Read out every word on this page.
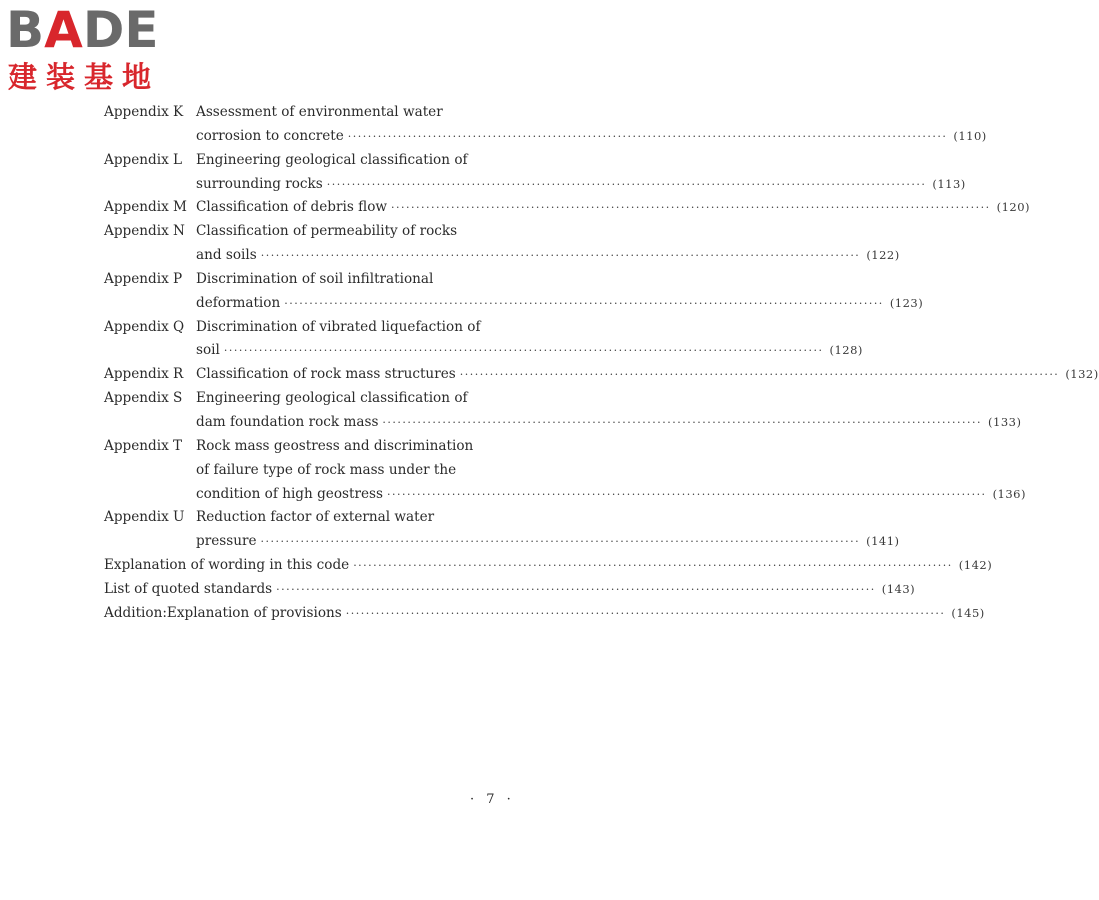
BADE
建装基地
Appendix K Assessment of environmental water
corrosion to concrete ························································································································ (110)
Appendix L Engineering geological classification of
surrounding rocks ························································································································ (113)
Appendix M Classification of debris flow ························································································································ (120)
Appendix N Classification of permeability of rocks
and soils ························································································································ (122)
Appendix P Discrimination of soil infiltrational
deformation ························································································································ (123)
Appendix Q Discrimination of vibrated liquefaction of
soil ························································································································ (128)
Appendix R Classification of rock mass structures ························································································································ (132)
Appendix S Engineering geological classification of
dam foundation rock mass ························································································································ (133)
Appendix T Rock mass geostress and discrimination
of failure type of rock mass under the
condition of high geostress ························································································································ (136)
Appendix U Reduction factor of external water
pressure ························································································································ (141)
Explanation of wording in this code ························································································································ (142)
List of quoted standards ························································································································ (143)
Addition:Explanation of provisions ························································································································ (145)
· 7 ·
